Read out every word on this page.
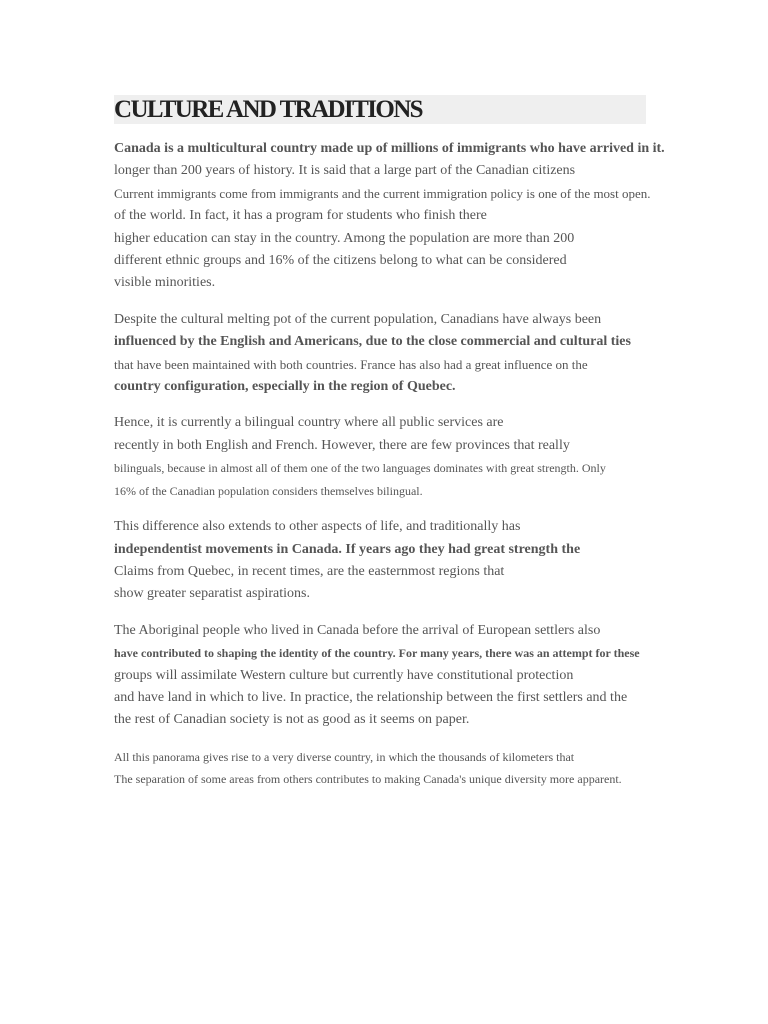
CULTURE AND TRADITIONS
Canada is a multicultural country made up of millions of immigrants who have arrived in it.
longer than 200 years of history. It is said that a large part of the Canadian citizens
Current immigrants come from immigrants and the current immigration policy is one of the most open.
of the world. In fact, it has a program for students who finish there
higher education can stay in the country. Among the population are more than 200
different ethnic groups and 16% of the citizens belong to what can be considered
visible minorities.
Despite the cultural melting pot of the current population, Canadians have always been
influenced by the English and Americans, due to the close commercial and cultural ties
that have been maintained with both countries. France has also had a great influence on the
country configuration, especially in the region of Quebec.
Hence, it is currently a bilingual country where all public services are
recently in both English and French. However, there are few provinces that really
bilinguals, because in almost all of them one of the two languages dominates with great strength. Only
16% of the Canadian population considers themselves bilingual.
This difference also extends to other aspects of life, and traditionally has
independentist movements in Canada. If years ago they had great strength the
Claims from Quebec, in recent times, are the easternmost regions that
show greater separatist aspirations.
The Aboriginal people who lived in Canada before the arrival of European settlers also
have contributed to shaping the identity of the country. For many years, there was an attempt for these
groups will assimilate Western culture but currently have constitutional protection
and have land in which to live. In practice, the relationship between the first settlers and the
the rest of Canadian society is not as good as it seems on paper.
All this panorama gives rise to a very diverse country, in which the thousands of kilometers that
The separation of some areas from others contributes to making Canada's unique diversity more apparent.
